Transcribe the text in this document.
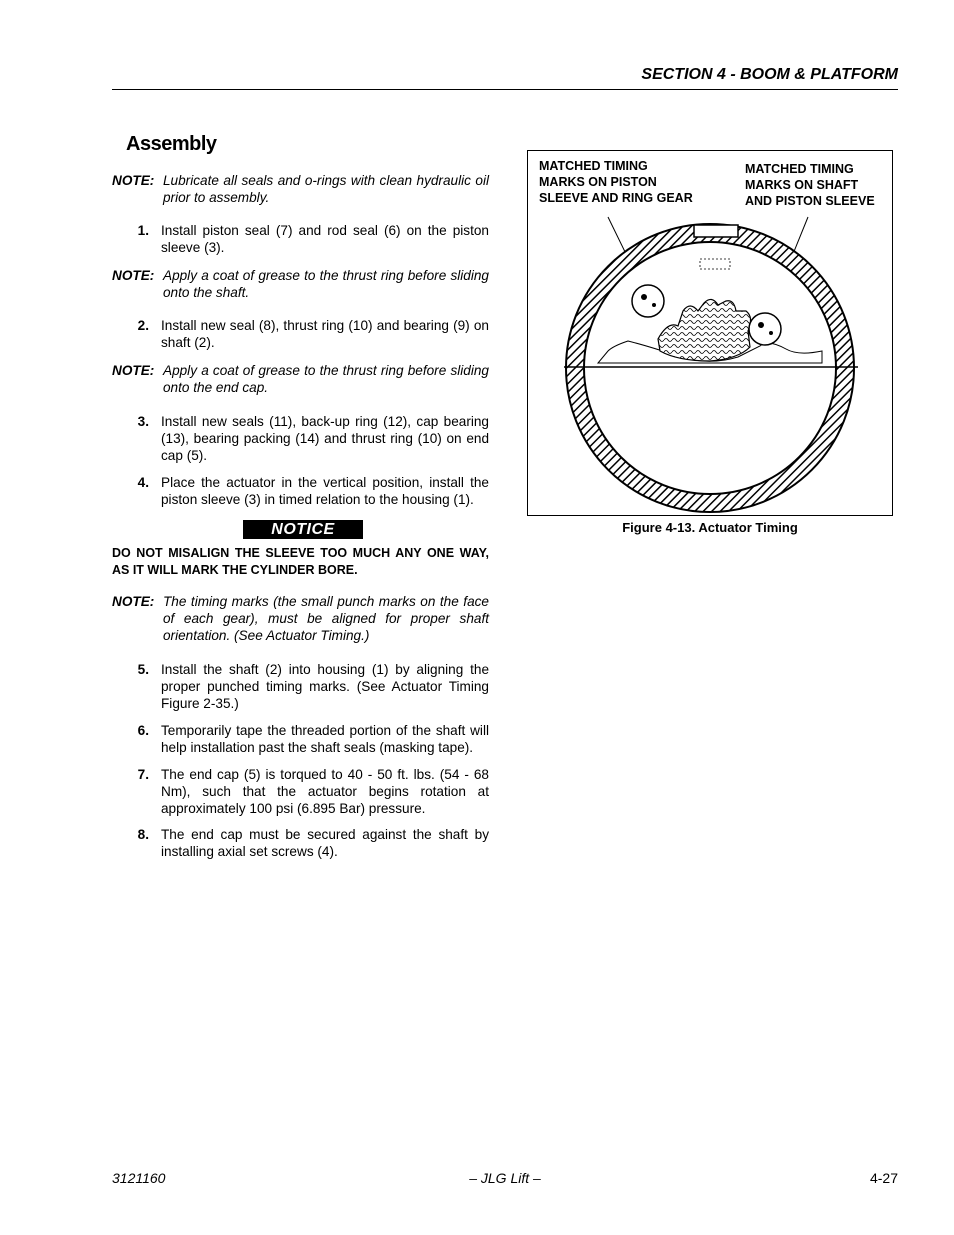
SECTION 4 - BOOM & PLATFORM
Assembly
NOTE: Lubricate all seals and o-rings with clean hydraulic oil prior to assembly.
1. Install piston seal (7) and rod seal (6) on the piston sleeve (3).
NOTE: Apply a coat of grease to the thrust ring before sliding onto the shaft.
2. Install new seal (8), thrust ring (10) and bearing (9) on shaft (2).
NOTE: Apply a coat of grease to the thrust ring before sliding onto the end cap.
3. Install new seals (11), back-up ring (12), cap bearing (13), bearing packing (14) and thrust ring (10) on end cap (5).
4. Place the actuator in the vertical position, install the piston sleeve (3) in timed relation to the housing (1).
NOTICE
DO NOT MISALIGN THE SLEEVE TOO MUCH ANY ONE WAY, AS IT WILL MARK THE CYLINDER BORE.
NOTE: The timing marks (the small punch marks on the face of each gear), must be aligned for proper shaft orientation. (See Actuator Timing.)
5. Install the shaft (2) into housing (1) by aligning the proper punched timing marks. (See Actuator Timing Figure 2-35.)
6. Temporarily tape the threaded portion of the shaft will help installation past the shaft seals (masking tape).
7. The end cap (5) is torqued to 40 - 50 ft. lbs. (54 - 68 Nm), such that the actuator begins rotation at approximately 100 psi (6.895 Bar) pressure.
8. The end cap must be secured against the shaft by installing axial set screws (4).
MATCHED TIMING MARKS ON PISTON SLEEVE AND RING GEAR
MATCHED TIMING MARKS ON SHAFT AND PISTON SLEEVE
Figure 4-13. Actuator Timing
3121160	– JLG Lift –	4-27
